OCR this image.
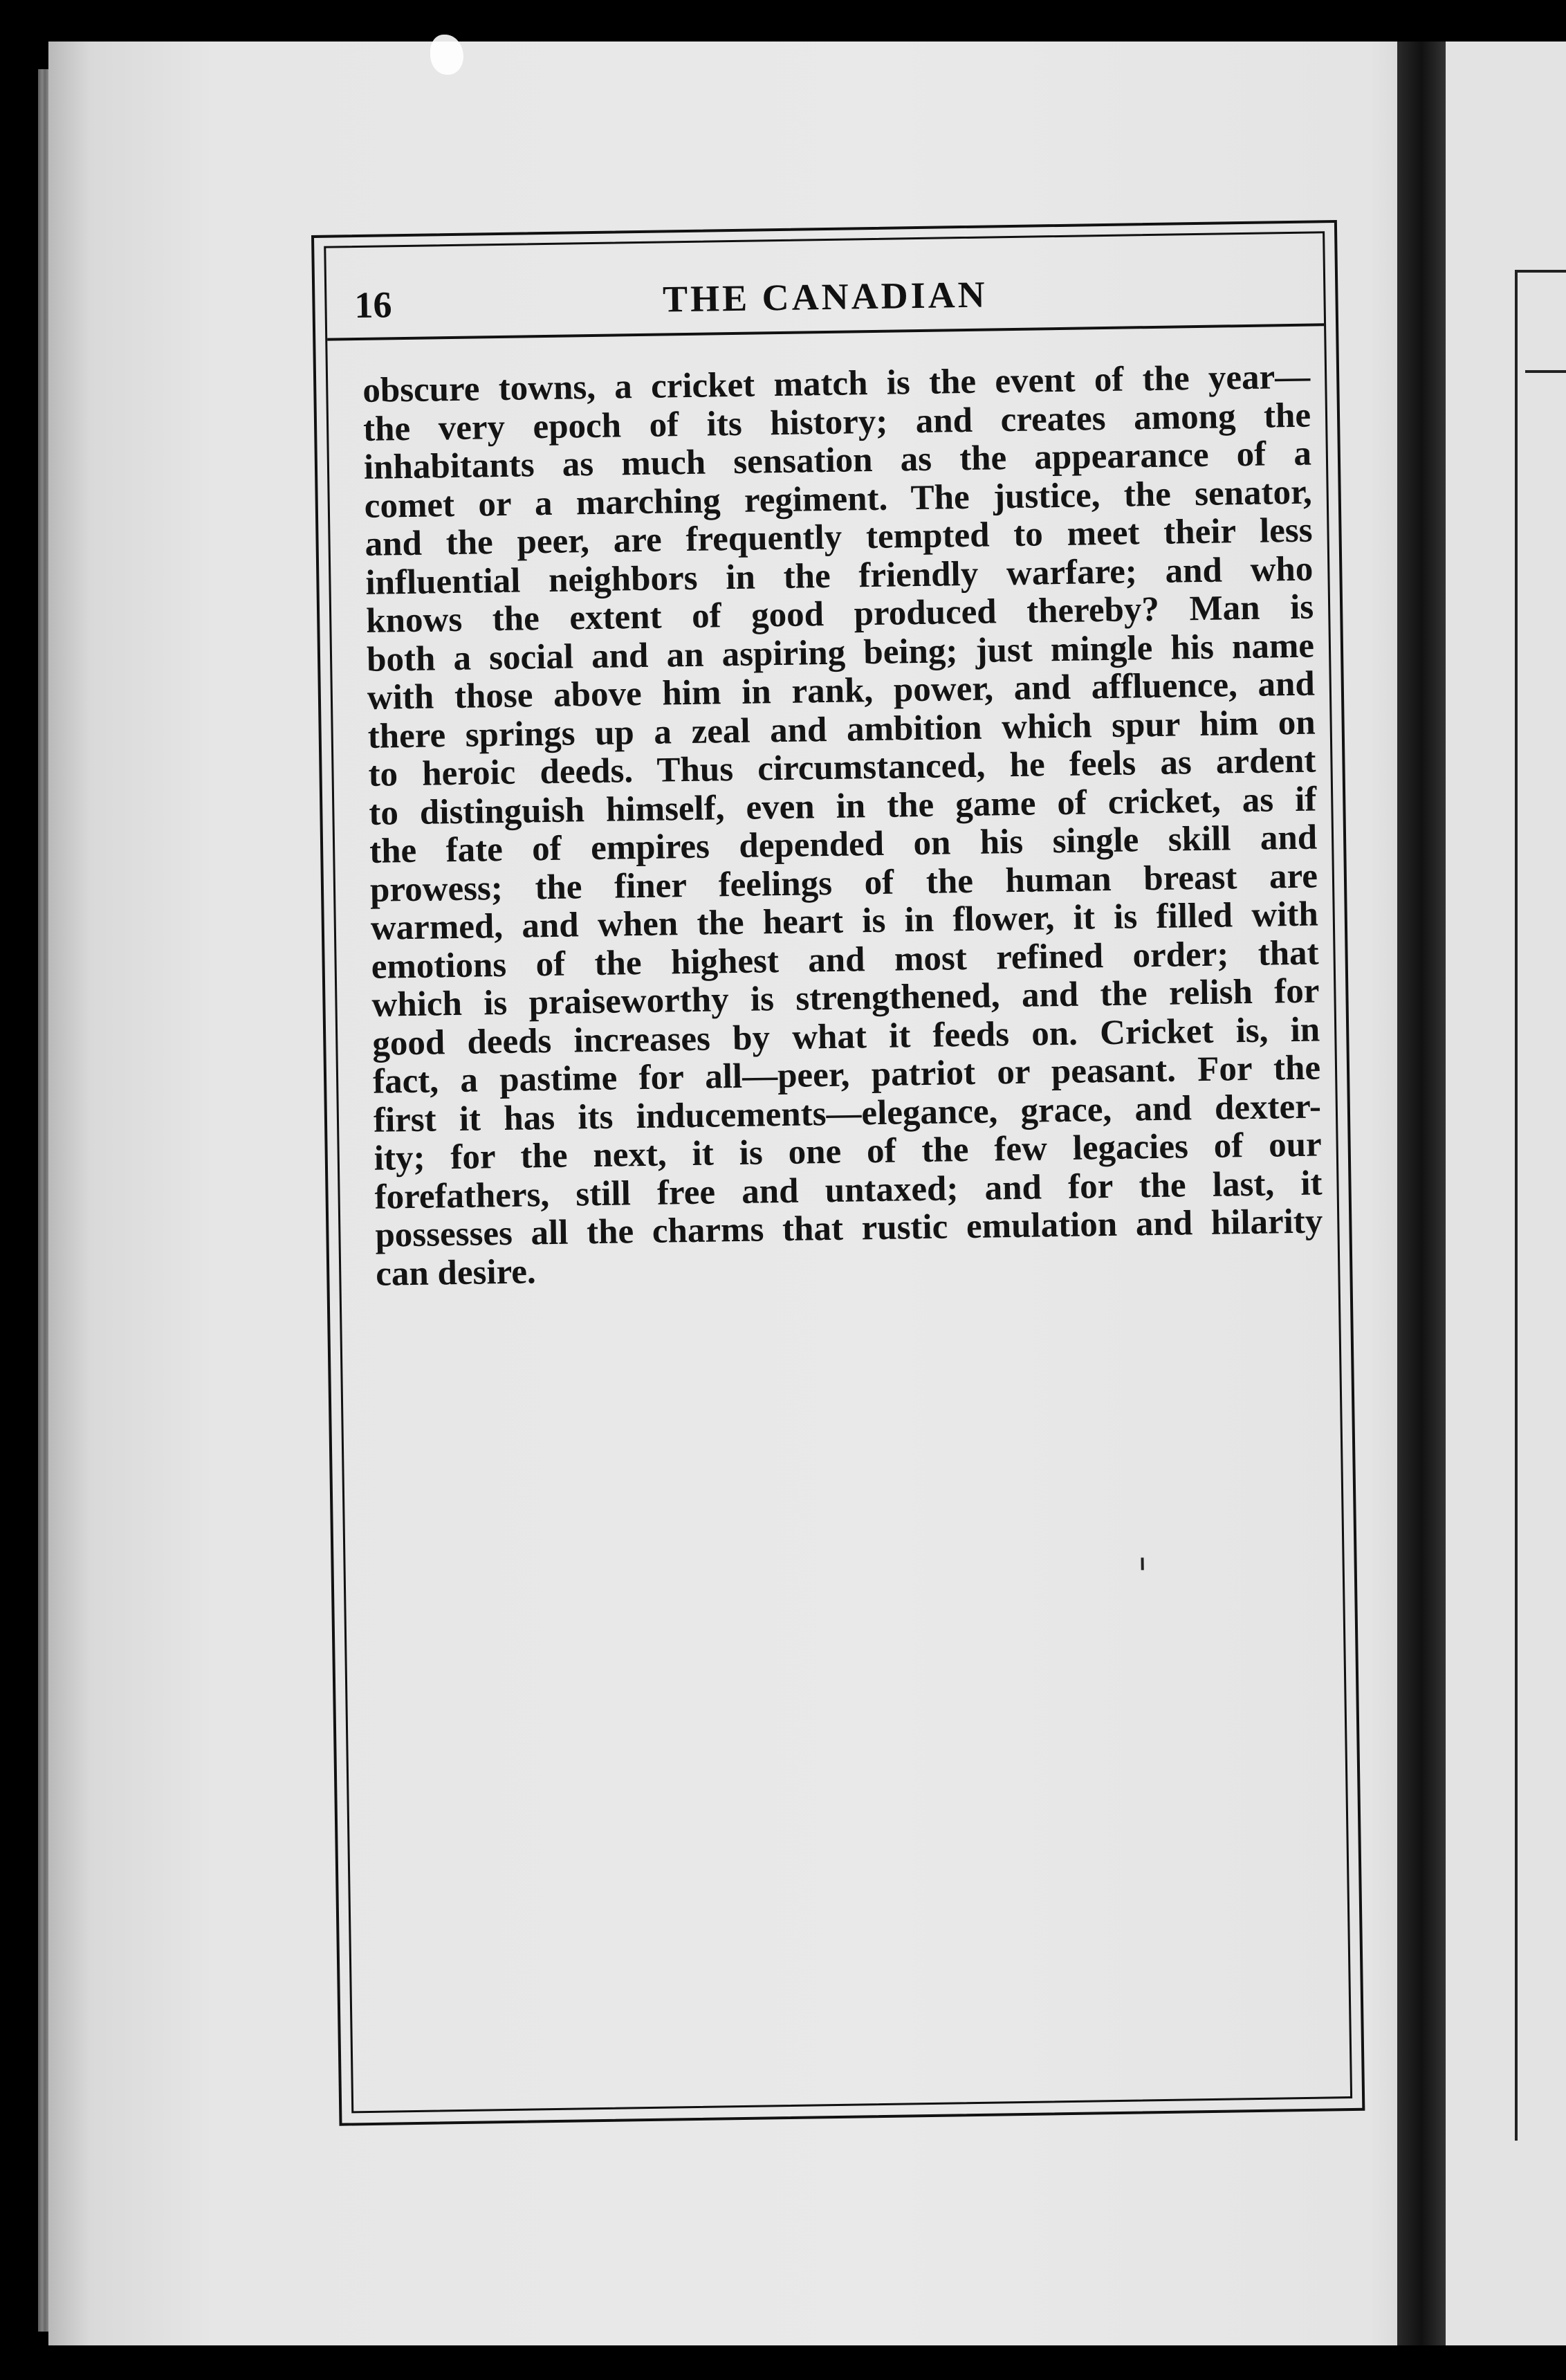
16	THE CANADIAN
obscure towns, a cricket match is the event of the year—
the very epoch of its history; and creates among the
inhabitants as much sensation as the appearance of a
comet or a marching regiment. The justice, the senator,
and the peer, are frequently tempted to meet their less
influential neighbors in the friendly warfare; and who
knows the extent of good produced thereby? Man is
both a social and an aspiring being; just mingle his name
with those above him in rank, power, and affluence, and
there springs up a zeal and ambition which spur him on
to heroic deeds. Thus circumstanced, he feels as ardent
to distinguish himself, even in the game of cricket, as if
the fate of empires depended on his single skill and
prowess; the finer feelings of the human breast are
warmed, and when the heart is in flower, it is filled with
emotions of the highest and most refined order; that
which is praiseworthy is strengthened, and the relish for
good deeds increases by what it feeds on. Cricket is, in
fact, a pastime for all—peer, patriot or peasant. For the
first it has its inducements—elegance, grace, and dexter-
ity; for the next, it is one of the few legacies of our
forefathers, still free and untaxed; and for the last, it
possesses all the charms that rustic emulation and hilarity
can desire.
